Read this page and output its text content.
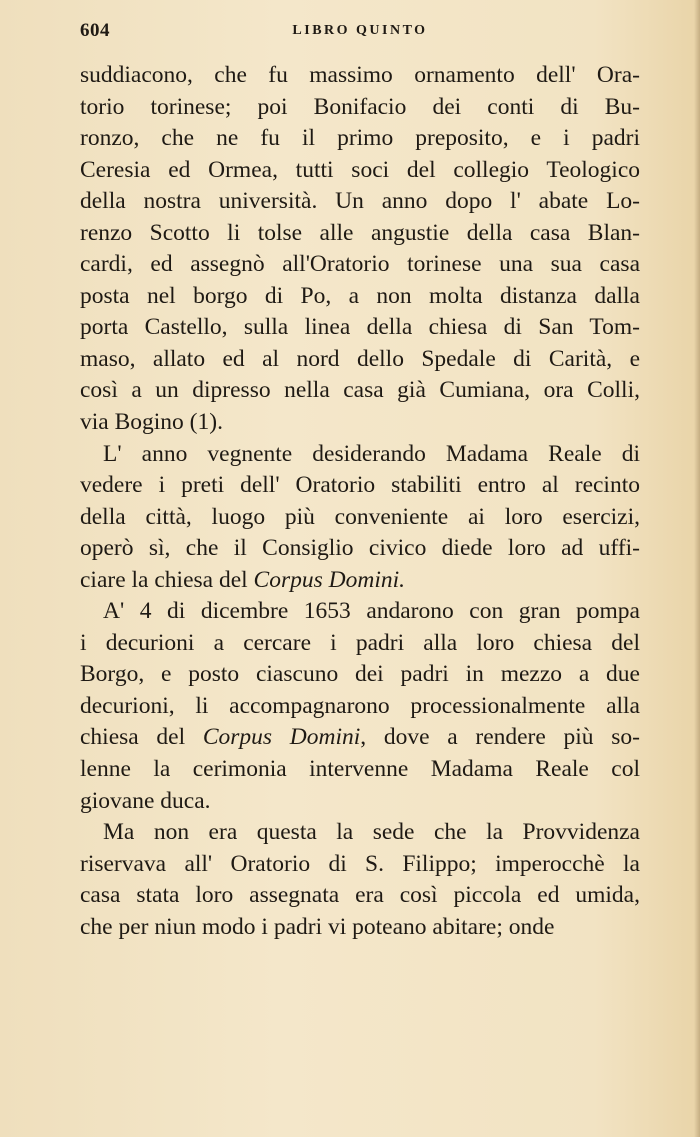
604	LIBRO QUINTO
suddiacono, che fu massimo ornamento dell' Ora-
torio torinese; poi Bonifacio dei conti di Bu-
ronzo, che ne fu il primo preposito, e i padri
Ceresia ed Ormea, tutti soci del collegio Teologico
della nostra università. Un anno dopo l' abate Lo-
renzo Scotto li tolse alle angustie della casa Blan-
cardi, ed assegnò all'Oratorio torinese una sua casa
posta nel borgo di Po, a non molta distanza dalla
porta Castello, sulla linea della chiesa di San Tom-
maso, allato ed al nord dello Spedale di Carità, e
così a un dipresso nella casa già Cumiana, ora Colli,
via Bogino (1).
L' anno vegnente desiderando Madama Reale di
vedere i preti dell' Oratorio stabiliti entro al recinto
della città, luogo più conveniente ai loro esercizi,
operò sì, che il Consiglio civico diede loro ad uffi-
ciare la chiesa del Corpus Domini.
A' 4 di dicembre 1653 andarono con gran pompa
i decurioni a cercare i padri alla loro chiesa del
Borgo, e posto ciascuno dei padri in mezzo a due
decurioni, li accompagnarono processionalmente alla
chiesa del Corpus Domini, dove a rendere più so-
lenne la cerimonia intervenne Madama Reale col
giovane duca.
Ma non era questa la sede che la Provvidenza
riservava all' Oratorio di S. Filippo; imperocchè la
casa stata loro assegnata era così piccola ed umida,
che per niun modo i padri vi poteano abitare; onde
